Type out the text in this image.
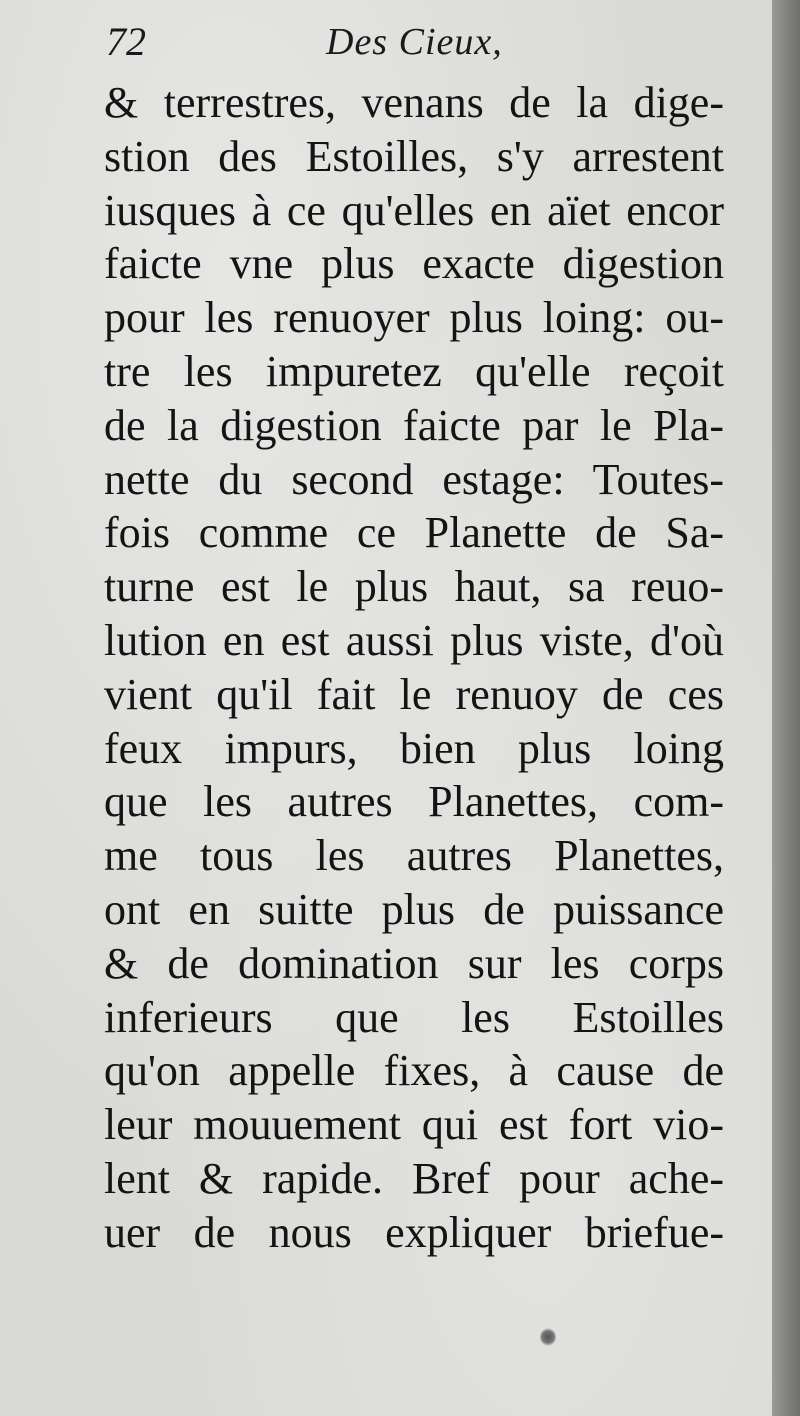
72	Des Cieux,
& terrestres, venans de la dige-
stion des Estoilles, s'y arrestent
iusques à ce qu'elles en aïet encor
faicte vne plus exacte digestion
pour les renuoyer plus loing: ou-
tre les impuretez qu'elle reçoit
de la digestion faicte par le Pla-
nette du second estage: Toutes-
fois comme ce Planette de Sa-
turne est le plus haut, sa reuo-
lution en est aussi plus viste, d'où
vient qu'il fait le renuoy de ces
feux impurs, bien plus loing
que les autres Planettes, com-
me tous les autres Planettes,
ont en suitte plus de puissance
& de domination sur les corps
inferieurs que les Estoilles
qu'on appelle fixes, à cause de
leur mouuement qui est fort vio-
lent & rapide. Bref pour ache-
uer de nous expliquer briefue-
